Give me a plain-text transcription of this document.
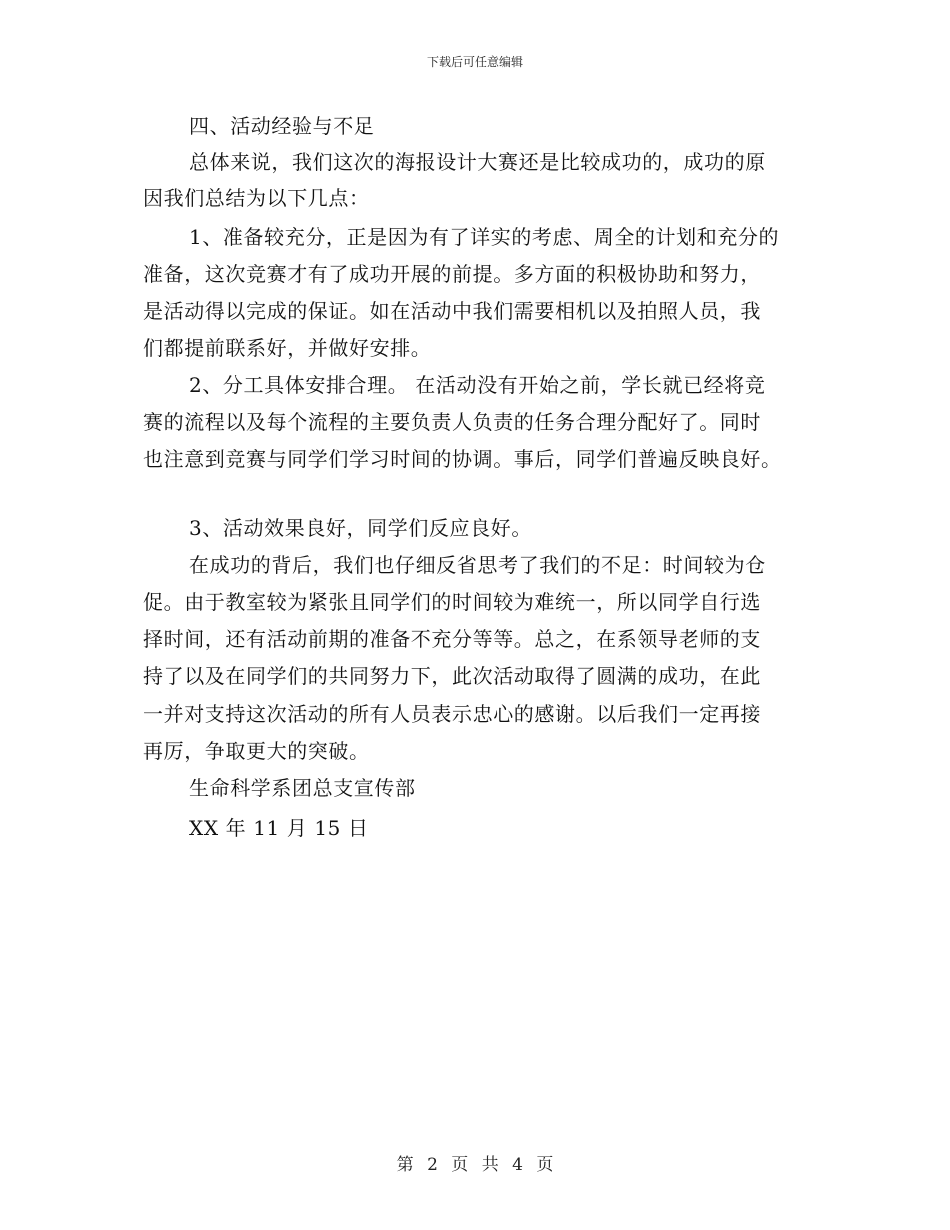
下载后可任意编辑
四、活动经验与不足
总体来说，我们这次的海报设计大赛还是比较成功的，成功的原
因我们总结为以下几点：
1、准备较充分，正是因为有了详实的考虑、周全的计划和充分的
准备，这次竞赛才有了成功开展的前提。多方面的积极协助和努力，
是活动得以完成的保证。如在活动中我们需要相机以及拍照人员，我
们都提前联系好，并做好安排。
2、分工具体安排合理。 在活动没有开始之前，学长就已经将竞
赛的流程以及每个流程的主要负责人负责的任务合理分配好了。同时
也注意到竞赛与同学们学习时间的协调。事后，同学们普遍反映良好。
3、活动效果良好，同学们反应良好。
在成功的背后，我们也仔细反省思考了我们的不足：时间较为仓
促。由于教室较为紧张且同学们的时间较为难统一，所以同学自行选
择时间，还有活动前期的准备不充分等等。总之，在系领导老师的支
持了以及在同学们的共同努力下，此次活动取得了圆满的成功，在此
一并对支持这次活动的所有人员表示忠心的感谢。以后我们一定再接
再厉，争取更大的突破。
生命科学系团总支宣传部
XX 年 11 月 15 日
第 2 页 共 4 页
